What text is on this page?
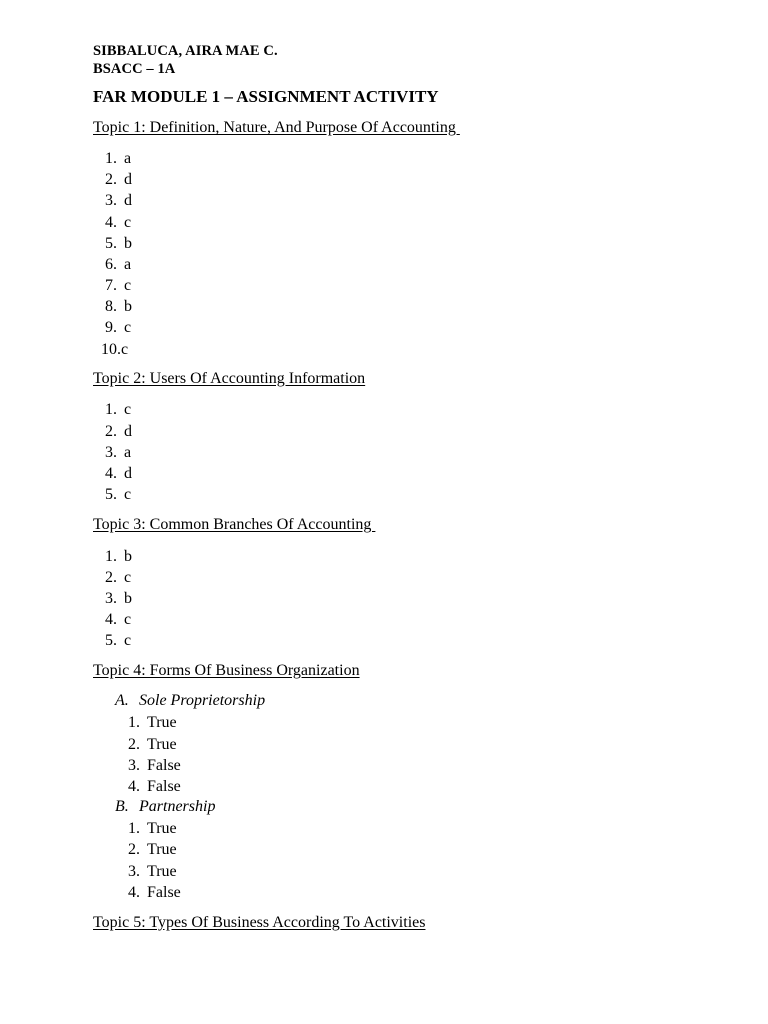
SIBBALUCA, AIRA MAE C.
BSACC – 1A
FAR MODULE 1 – ASSIGNMENT ACTIVITY
Topic 1: Definition, Nature, And Purpose Of Accounting
1. a
2. d
3. d
4. c
5. b
6. a
7. c
8. b
9. c
10.c
Topic 2: Users Of Accounting Information
1. c
2. d
3. a
4. d
5. c
Topic 3: Common Branches Of Accounting
1. b
2. c
3. b
4. c
5. c
Topic 4: Forms Of Business Organization
A. Sole Proprietorship
1. True
2. True
3. False
4. False
B. Partnership
1. True
2. True
3. True
4. False
Topic 5: Types Of Business According To Activities
